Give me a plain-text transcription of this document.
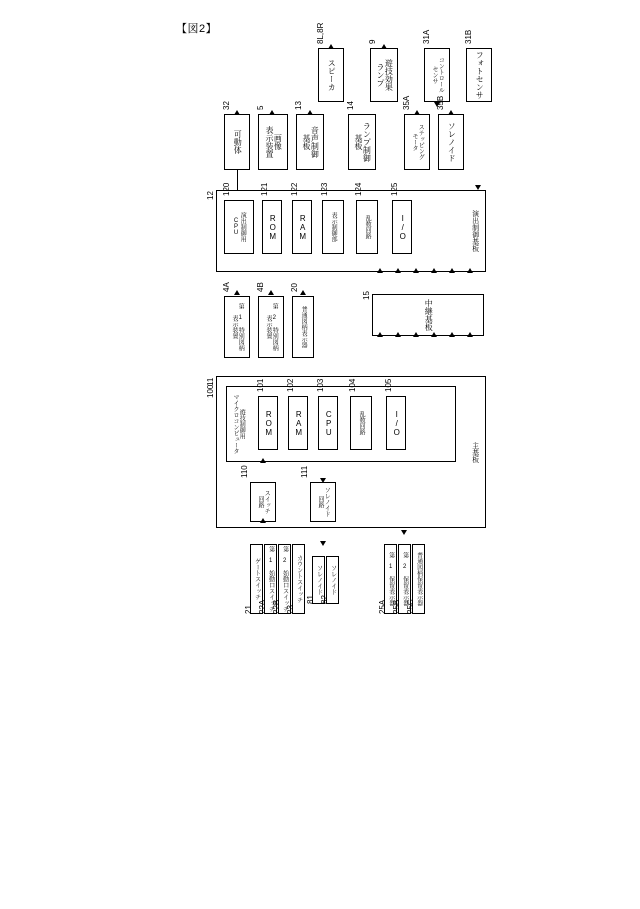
【図2】
可動体
32
画像
表示装置
5
音声制御
基板
13
スピーカ
8L,8R
ランプ制御
基板
14
遊技効果
ランプ
9
ステッピング
モータ
35A
コントロール
センサ
31A
ソレノイド
35B
フォトセンサ
31B
演出制御基板
12
演出制御用
CPU
120
ROM
121
RAM
122
表示制御部
123
乱数回路
124
I/O
125
第 1 特別図柄
表示装置
4A
第 2 特別図柄
表示装置
4B
普通図柄表示器
20
中継基板
15
主基板
11
遊技制御用
マイクロコンピュータ
100
ROM
101
RAM
102
CPU
103
乱数回路
104
I/O
105
スイッチ
回路
110
ソレノイド
回路
111
ゲートスイッチ
21	第 1 始動口スイッチ
22A	第 2 始動口スイッチ
22B
カウントスイッチ
23
ソレノイド
81
ソレノイド
82	第 1 保留表示器
25A
第 2 保留表示器
25B
普通図柄保留表示器
25C
